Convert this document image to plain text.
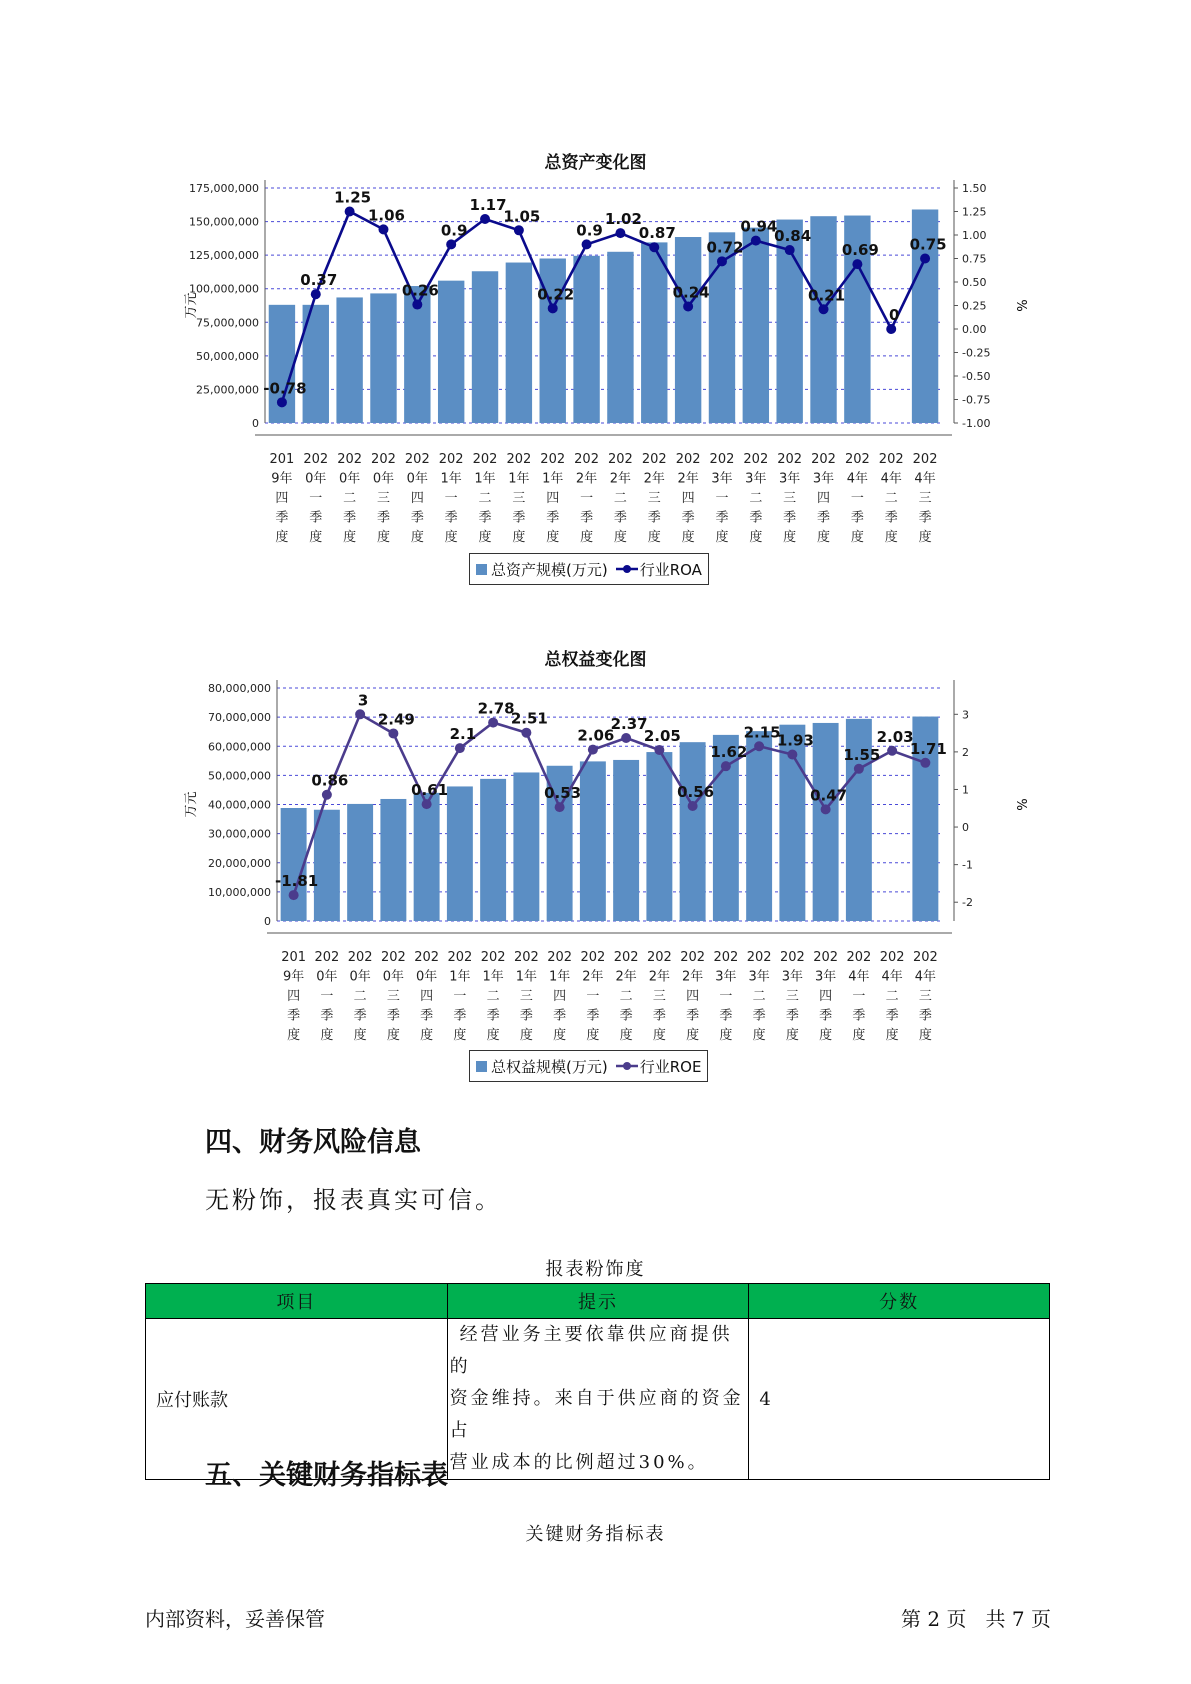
总资产变化图
175,000,000
150,000,000
125,000,000
100,000,000
75,000,000
50,000,000
25,000,000
0
1.50
1.25
1.00
0.75
0.50
0.25
0.00
-0.25
-0.50
-0.75
-1.00
万元	%
-0.78
0.37
1.25
1.06
0.26
0.9
1.17
1.05
0.22
0.9
1.02
0.87
0.24
0.72
0.94
0.84
0.21
0.69
0
0.75
201
9年
四
季
度
202
0年
一
季
度
202
0年
二
季
度
202
0年
三
季
度
202
0年
四
季
度
202
1年
一
季
度
202
1年
二
季
度
202
1年
三
季
度
202
1年
四
季
度
202
2年
一
季
度
202
2年
二
季
度
202
2年
三
季
度
202
2年
四
季
度
202
3年
一
季
度
202
3年
二
季
度
202
3年
三
季
度
202
3年
四
季
度
202
4年
一
季
度
202
4年
二
季
度
202
4年
三
季
度
总资产规模(万元) 行业ROA
总权益变化图
80,000,000
70,000,000
60,000,000
50,000,000
40,000,000
30,000,000
20,000,000
10,000,000
0
3
2
1
0
-1
-2
万元	%
-1.81
0.86
3
2.49
0.61
2.1
2.78
2.51
0.53
2.06
2.37
2.05
0.56
1.62
2.15
1.93
0.47
1.55
2.03
1.71
201
9年
四
季
度
202
0年
一
季
度
202
0年
二
季
度
202
0年
三
季
度
202
0年
四
季
度
202
1年
一
季
度
202
1年
二
季
度
202
1年
三
季
度
202
1年
四
季
度
202
2年
一
季
度
202
2年
二
季
度
202
2年
三
季
度
202
2年
四
季
度
202
3年
一
季
度
202
3年
二
季
度
202
3年
三
季
度
202
3年
四
季
度
202
4年
一
季
度
202
4年
二
季
度
202
4年
三
季
度
总权益规模(万元) 行业ROE
四、财务风险信息
无粉饰，报表真实可信。
报表粉饰度
项目	提示	分数
应付账款	经营业务主要依靠供应商提供的
资金维持。来自于供应商的资金占
营业成本的比例超过30%。	4
五、关键财务指标表
关键财务指标表
内部资料，妥善保管	第 2 页   共 7 页
